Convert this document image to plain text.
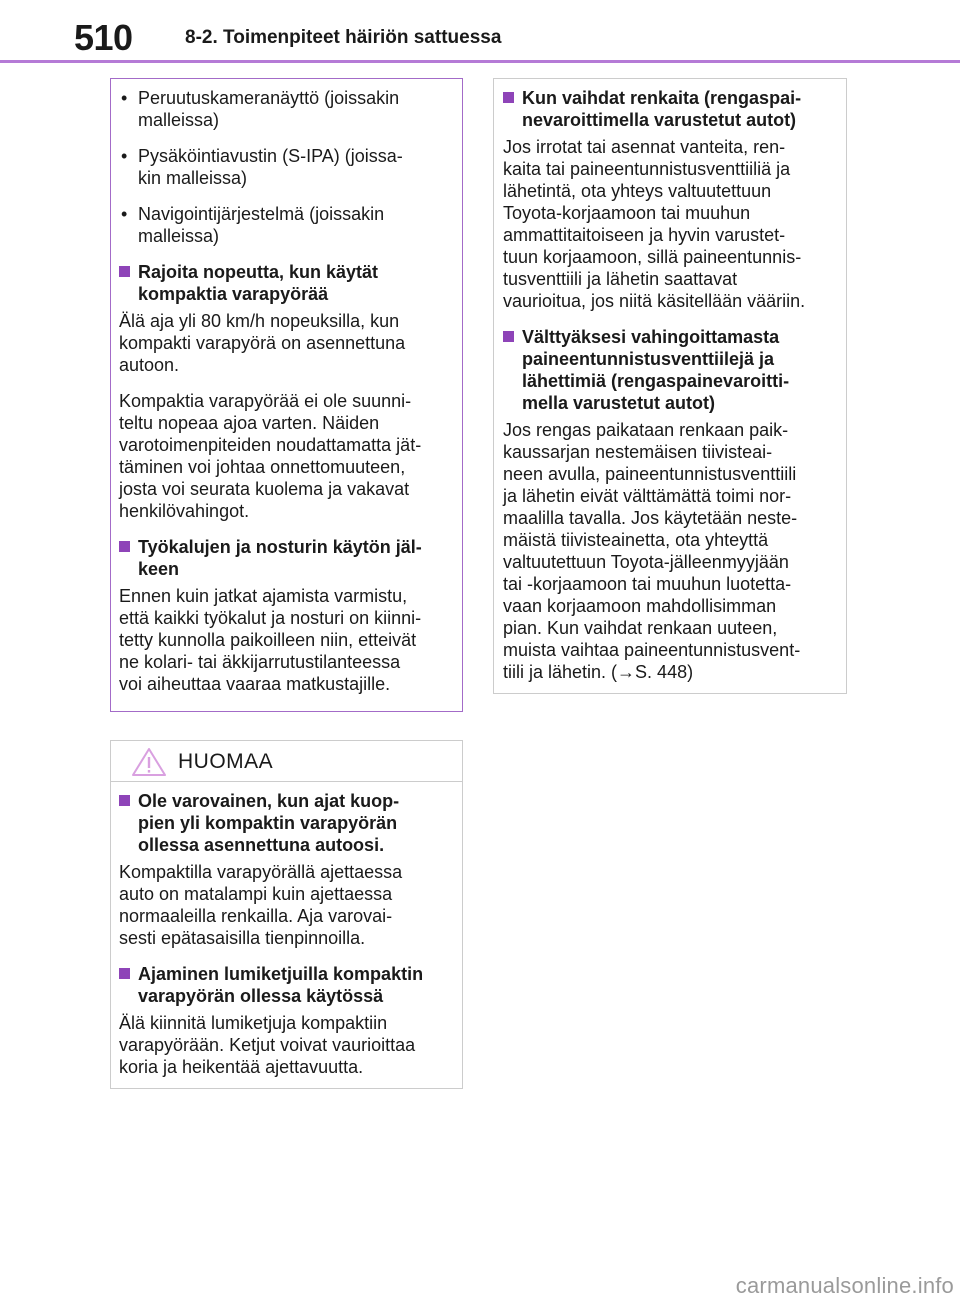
510	8-2. Toimenpiteet häiriön sattuessa
• Peruutuskameranäyttö (joissakin
malleissa)
• Pysäköintiavustin (S-IPA) (joissa-
kin malleissa)
• Navigointijärjestelmä (joissakin
malleissa)
Rajoita nopeutta, kun käytät
kompaktia varapyörää

Älä aja yli 80 km/h nopeuksilla, kun
kompakti varapyörä on asennettuna
autoon.

Kompaktia varapyörää ei ole suunni-
teltu nopeaa ajoa varten. Näiden
varotoimenpiteiden noudattamatta jät-
täminen voi johtaa onnettomuuteen,
josta voi seurata kuolema ja vakavat
henkilövahingot.

Työkalujen ja nosturin käytön jäl-
keen

Ennen kuin jatkat ajamista varmistu,
että kaikki työkalut ja nosturi on kiinni-
tetty kunnolla paikoilleen niin, etteivät
ne kolari- tai äkkijarrutustilanteessa
voi aiheuttaa vaaraa matkustajille.

HUOMAA
Ole varovainen, kun ajat kuop-
pien yli kompaktin varapyörän
ollessa asennettuna autoosi.

Kompaktilla varapyörällä ajettaessa
auto on matalampi kuin ajettaessa
normaaleilla renkailla. Aja varovai-
sesti epätasaisilla tienpinnoilla.

Ajaminen lumiketjuilla kompaktin
varapyörän ollessa käytössä

Älä kiinnitä lumiketjuja kompaktiin
varapyörään. Ketjut voivat vaurioittaa
koria ja heikentää ajettavuutta.

Kun vaihdat renkaita (rengaspai-
nevaroittimella varustetut autot)

Jos irrotat tai asennat vanteita, ren-
kaita tai paineentunnistusventtiiliä ja
lähetintä, ota yhteys valtuutettuun
Toyota-korjaamoon tai muuhun
ammattitaitoiseen ja hyvin varustet-
tuun korjaamoon, sillä paineentunnis-
tusventtiili ja lähetin saattavat
vaurioitua, jos niitä käsitellään vääriin.

Välttyäksesi vahingoittamasta
paineentunnistusventtiilejä ja
lähettimiä (rengaspainevaroitti-
mella varustetut autot)

Jos rengas paikataan renkaan paik-
kaussarjan nestemäisen tiivisteai-
neen avulla, paineentunnistusventtiili
ja lähetin eivät välttämättä toimi nor-
maalilla tavalla. Jos käytetään neste-
mäistä tiivisteainetta, ota yhteyttä
valtuutettuun Toyota-jälleenmyyjään
tai -korjaamoon tai muuhun luotetta-
vaan korjaamoon mahdollisimman
pian. Kun vaihdat renkaan uuteen,
muista vaihtaa paineentunnistusvent-
tiili ja lähetin. (→S. 448)

carmanualsonline.info
